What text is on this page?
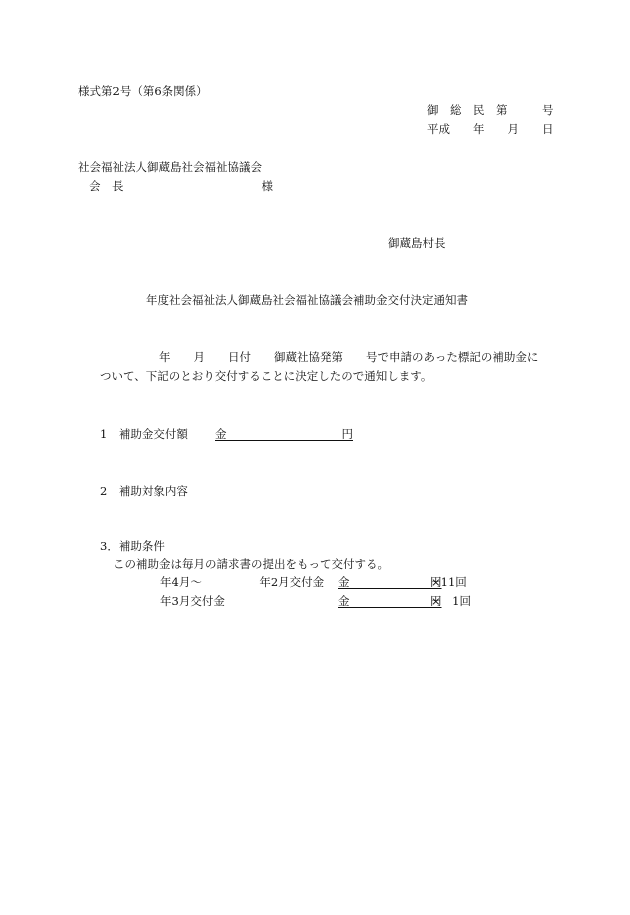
様式第2号（第6条関係）
御　総　民　第　　　号
平成　　年　　月　　日
社会福祉法人御蔵島社会福祉協議会
会　長　　　　　　　　　　　　様
御蔵島村長
年度社会福祉法人御蔵島社会福祉協議会補助金交付決定通知書
年　　月　　日付　　御蔵社協発第　　号で申請のあった標記の補助金に
ついて、下記のとおり交付することに決定したので通知します。
1　補助金交付額 金　　　　　　　　　　円
2　補助対象内容
3．補助条件
この補助金は毎月の請求書の提出をもって交付する。
年4月～　　　　　年2月交付金 金　　　　　　　円
×11回
年3月交付金	金　　　　　　　円
×　1回
